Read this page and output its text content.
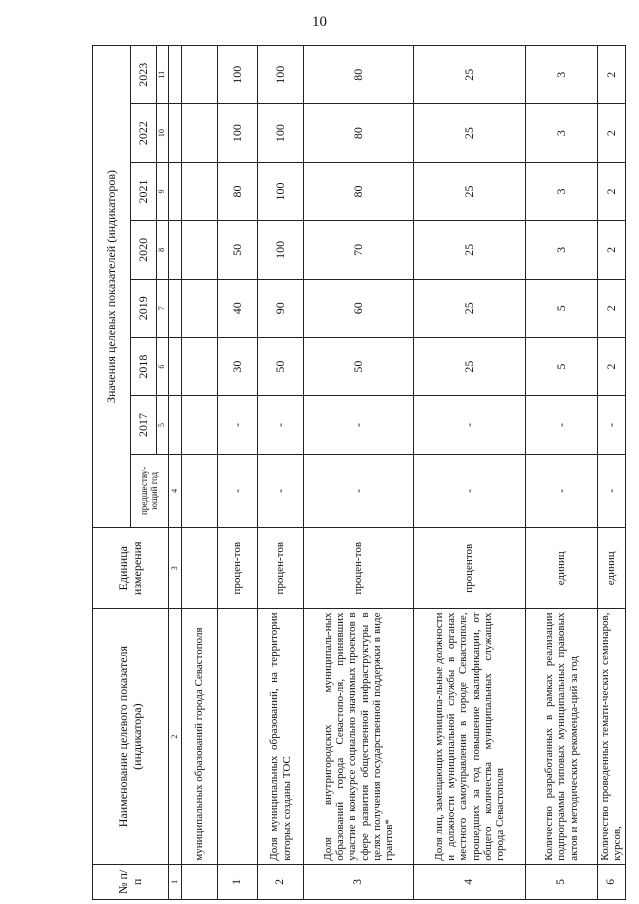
10
№ п/п	Наименование целевого показателя (индикатора)	Единица измерения	Значения целевых показателей (индикаторов)							
			предшеству-ющий год	2017	2018	2019	2020	2021	2022	2023
				5	6	7	8	9	10	11
1	2	3	4							
	муниципальных образований города Севастополя									

1		процен-тов	-	-	30	40	50	80	100	100
2	Доля муниципальных образований, на территории которых созданы ТОС	процен-тов	-	-	50	90	100	100	100	100
3	Доля внутригородских муниципаль-ных образований города Севастопо-ля, принявших участие в конкурсе социально значимых проектов в сфере развития общественной инфраструктуры в целях получения государственной поддержки в виде грантов*	процен-тов	-	-	50	60	70	80	80	80
4	Доля лиц, замещающих муниципа-льные должности и должности муниципальной службы в органах местного самоуправления в городе Севастополе, прошедших за год повышение квалификации, от общего количества муниципальных служащих города Севастополя	процентов	-	-	25	25	25	25	25	25
5	Количество разработанных в рамках реализации подпрограммы типовых муниципальных правовых актов и методических рекоменда-ций за год	единиц	-	-	5	5	3	3	3	3
6	Количество проведенных темати-ческих семинаров, курсов,	единиц	-	-	2	2	2	2	2	2
